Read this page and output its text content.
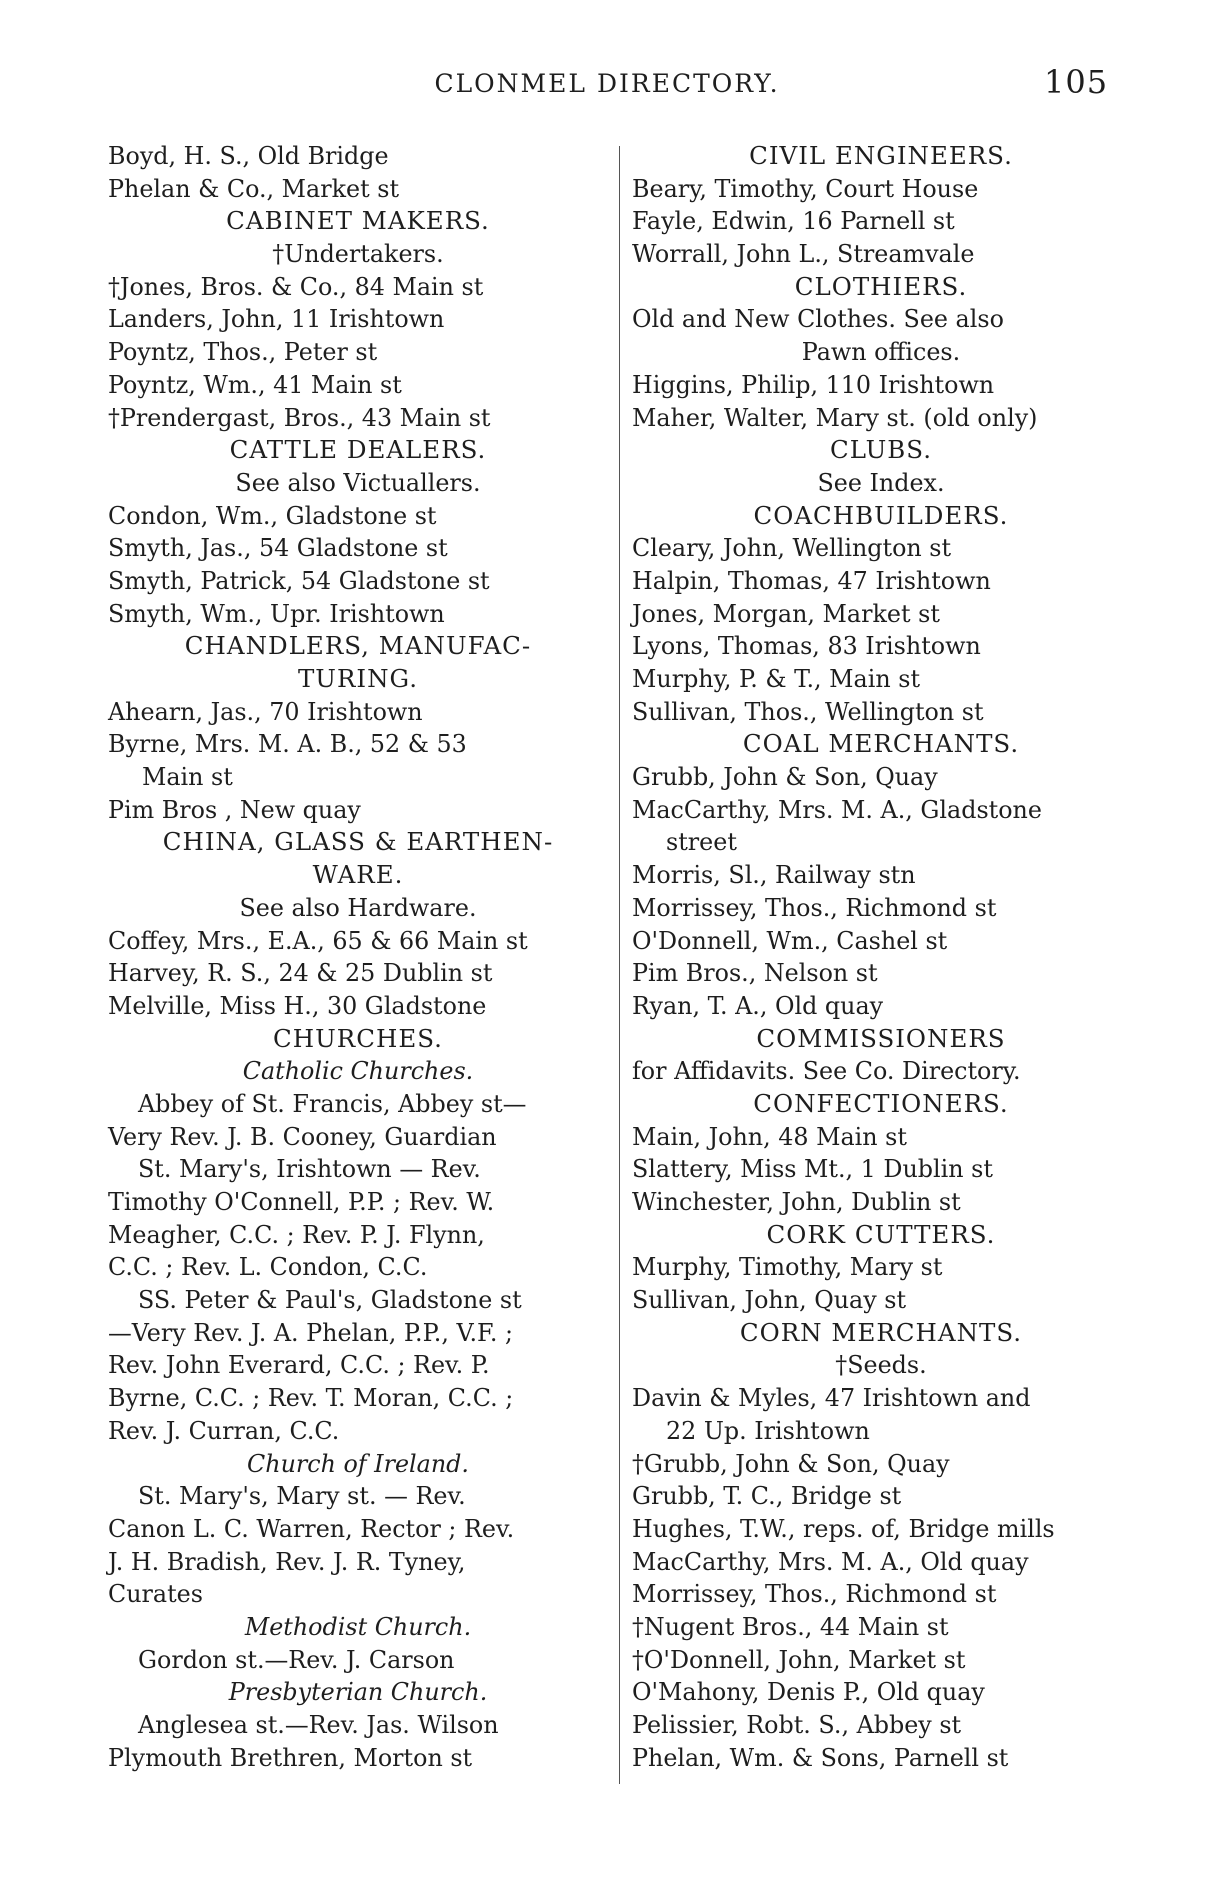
CLONMEL DIRECTORY.	105
Boyd, H. S., Old Bridge
Phelan & Co., Market st
CABINET MAKERS.
†Undertakers.
†Jones, Bros. & Co., 84 Main st
Landers, John, 11 Irishtown
Poyntz, Thos., Peter st
Poyntz, Wm., 41 Main st
†Prendergast, Bros., 43 Main st
CATTLE DEALERS.
See also Victuallers.
Condon, Wm., Gladstone st
Smyth, Jas., 54 Gladstone st
Smyth, Patrick, 54 Gladstone st
Smyth, Wm., Upr. Irishtown
CHANDLERS, MANUFAC-
TURING.
Ahearn, Jas., 70 Irishtown
Byrne, Mrs. M. A. B., 52 & 53
Main st
Pim Bros , New quay
CHINA, GLASS & EARTHEN-
WARE.
See also Hardware.
Coffey, Mrs., E.A., 65 & 66 Main st
Harvey, R. S., 24 & 25 Dublin st
Melville, Miss H., 30 Gladstone
CHURCHES.
Catholic Churches.
Abbey of St. Francis, Abbey st—
Very Rev. J. B. Cooney, Guardian
St. Mary's, Irishtown — Rev.
Timothy O'Connell, P.P. ; Rev. W.
Meagher, C.C. ; Rev. P. J. Flynn,
C.C. ; Rev. L. Condon, C.C.
SS. Peter & Paul's, Gladstone st
—Very Rev. J. A. Phelan, P.P., V.F. ;
Rev. John Everard, C.C. ; Rev. P.
Byrne, C.C. ; Rev. T. Moran, C.C. ;
Rev. J. Curran, C.C.
Church of Ireland.
St. Mary's, Mary st. — Rev.
Canon L. C. Warren, Rector ; Rev.
J. H. Bradish, Rev. J. R. Tyney,
Curates
Methodist Church.
Gordon st.—Rev. J. Carson
Presbyterian Church.
Anglesea st.—Rev. Jas. Wilson
Plymouth Brethren, Morton st
CIVIL ENGINEERS.
Beary, Timothy, Court House
Fayle, Edwin, 16 Parnell st
Worrall, John L., Streamvale
CLOTHIERS.
Old and New Clothes. See also
Pawn offices.
Higgins, Philip, 110 Irishtown
Maher, Walter, Mary st. (old only)
CLUBS.
See Index.
COACHBUILDERS.
Cleary, John, Wellington st
Halpin, Thomas, 47 Irishtown
Jones, Morgan, Market st
Lyons, Thomas, 83 Irishtown
Murphy, P. & T., Main st
Sullivan, Thos., Wellington st
COAL MERCHANTS.
Grubb, John & Son, Quay
MacCarthy, Mrs. M. A., Gladstone
street
Morris, Sl., Railway stn
Morrissey, Thos., Richmond st
O'Donnell, Wm., Cashel st
Pim Bros., Nelson st
Ryan, T. A., Old quay
COMMISSIONERS
for Affidavits. See Co. Directory.
CONFECTIONERS.
Main, John, 48 Main st
Slattery, Miss Mt., 1 Dublin st
Winchester, John, Dublin st
CORK CUTTERS.
Murphy, Timothy, Mary st
Sullivan, John, Quay st
CORN MERCHANTS.
†Seeds.
Davin & Myles, 47 Irishtown and
22 Up. Irishtown
†Grubb, John & Son, Quay
Grubb, T. C., Bridge st
Hughes, T.W., reps. of, Bridge mills
MacCarthy, Mrs. M. A., Old quay
Morrissey, Thos., Richmond st
†Nugent Bros., 44 Main st
†O'Donnell, John, Market st
O'Mahony, Denis P., Old quay
Pelissier, Robt. S., Abbey st
Phelan, Wm. & Sons, Parnell st
